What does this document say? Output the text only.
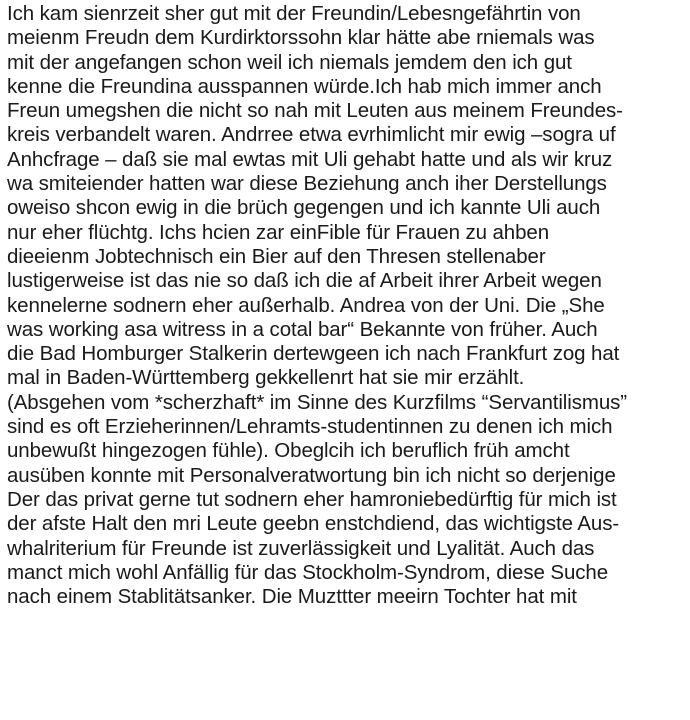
Ich kam sienrzeit sher gut mit der Freundin/Lebesngefährtin von
meienm Freudn dem Kurdirktorssohn klar hätte abe rniemals was
mit der angefangen schon weil ich niemals jemdem den ich gut
kenne die Freundina ausspannen würde.Ich hab mich immer anch
Freun umegshen die nicht so nah mit Leuten aus meinem Freundes-
kreis verbandelt waren. Andrree etwa evrhimlicht mir ewig –sogra uf
Anhcfrage – daß sie mal ewtas mit Uli gehabt hatte und als wir kruz
wa smiteiender hatten war diese Beziehung anch iher Derstellungs
oweiso shcon ewig in die brüch gegengen und ich kannte Uli auch
nur eher flüchtg. Ichs hcien zar einFible für Frauen zu ahben
dieeienm Jobtechnisch ein Bier auf den Thresen stellenaber
lustigerweise ist das nie so daß ich die af Arbeit ihrer Arbeit wegen
kennelerne sodnern eher außerhalb. Andrea von der Uni. Die „She
was working asa witress in a cotal bar“ Bekannte von früher. Auch
die Bad Homburger Stalkerin dertewgeen ich nach Frankfurt zog hat
mal in Baden-Württemberg gekkellenrt hat sie mir erzählt.
(Absgehen vom *scherzhaft* im Sinne des Kurzfilms “Servantilismus”
sind es oft Erzieherinnen/Lehramts-studentinnen zu denen ich mich
unbewußt hingezogen fühle). Obeglcih ich beruflich früh amcht
ausüben konnte mit Personalveratwortung bin ich nicht so derjenige
Der das privat gerne tut sodnern eher hamroniebedürftig für mich ist
der afste Halt den mri Leute geebn enstchdiend, das wichtigste Aus-
whalriterium für Freunde ist zuverlässigkeit und Lyalität. Auch das
manct mich wohl Anfällig für das Stockholm-Syndrom, diese Suche
nach einem Stablitätsanker. Die Muzttter meeirn Tochter hat mit
